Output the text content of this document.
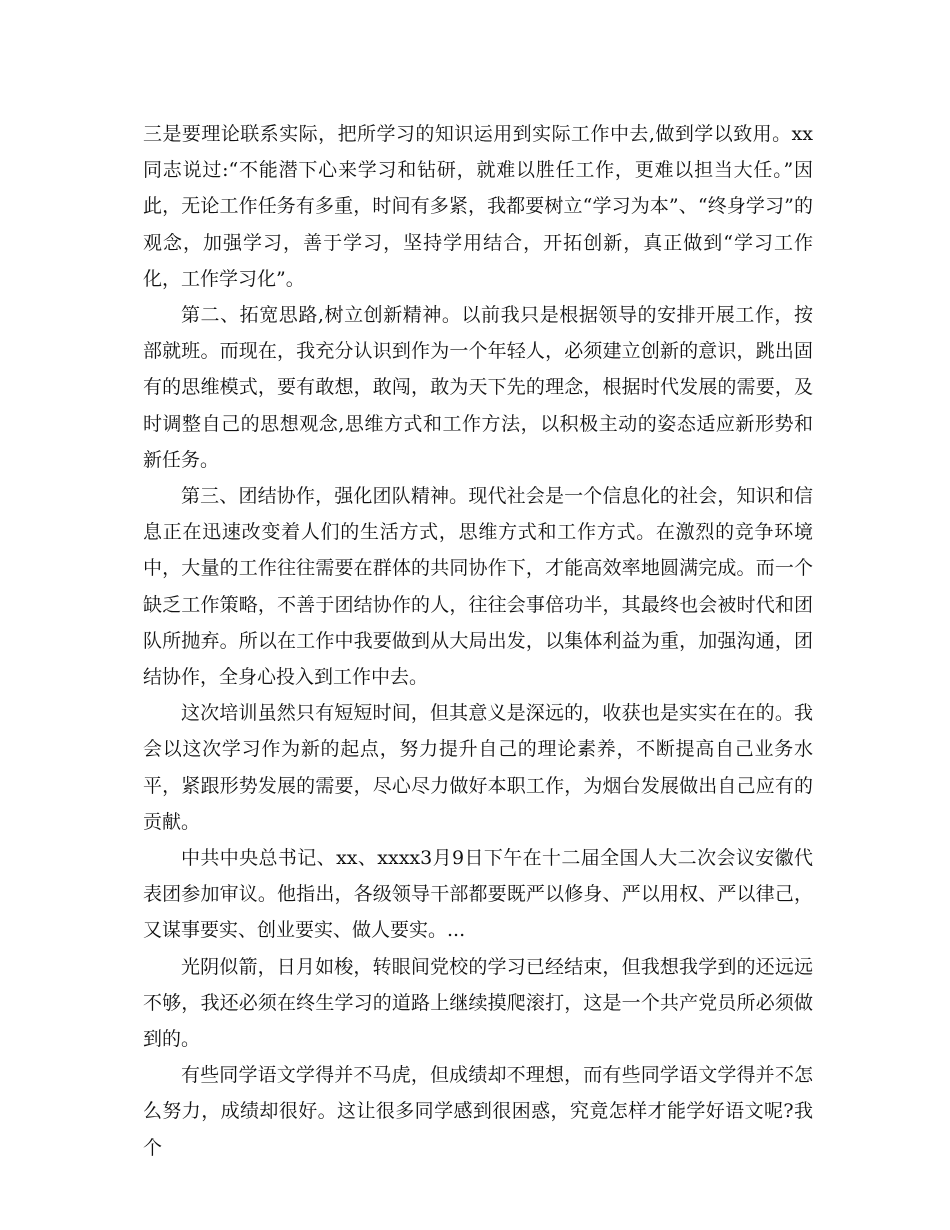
三是要理论联系实际，把所学习的知识运用到实际工作中去,做到学以致用。xx同志说过:“不能潜下心来学习和钻研，就难以胜任工作，更难以担当大任。”因此，无论工作任务有多重，时间有多紧，我都要树立“学习为本”、“终身学习”的观念，加强学习，善于学习，坚持学用结合，开拓创新，真正做到“学习工作化，工作学习化”。

第二、拓宽思路,树立创新精神。以前我只是根据领导的安排开展工作，按部就班。而现在，我充分认识到作为一个年轻人，必须建立创新的意识，跳出固有的思维模式，要有敢想，敢闯，敢为天下先的理念，根据时代发展的需要，及时调整自己的思想观念,思维方式和工作方法，以积极主动的姿态适应新形势和新任务。

第三、团结协作，强化团队精神。现代社会是一个信息化的社会，知识和信息正在迅速改变着人们的生活方式，思维方式和工作方式。在激烈的竞争环境中，大量的工作往往需要在群体的共同协作下，才能高效率地圆满完成。而一个缺乏工作策略，不善于团结协作的人，往往会事倍功半，其最终也会被时代和团队所抛弃。所以在工作中我要做到从大局出发，以集体利益为重，加强沟通，团结协作，全身心投入到工作中去。

这次培训虽然只有短短时间，但其意义是深远的，收获也是实实在在的。我会以这次学习作为新的起点，努力提升自己的理论素养，不断提高自己业务水平，紧跟形势发展的需要，尽心尽力做好本职工作，为烟台发展做出自己应有的贡献。

中共中央总书记、xx、xxxx3月9日下午在十二届全国人大二次会议安徽代表团参加审议。他指出，各级领导干部都要既严以修身、严以用权、严以律己，又谋事要实、创业要实、做人要实。...

光阴似箭，日月如梭，转眼间党校的学习已经结束，但我想我学到的还远远不够，我还必须在终生学习的道路上继续摸爬滚打，这是一个共产党员所必须做到的。

有些同学语文学得并不马虎，但成绩却不理想，而有些同学语文学得并不怎么努力，成绩却很好。这让很多同学感到很困惑，究竟怎样才能学好语文呢?我个
